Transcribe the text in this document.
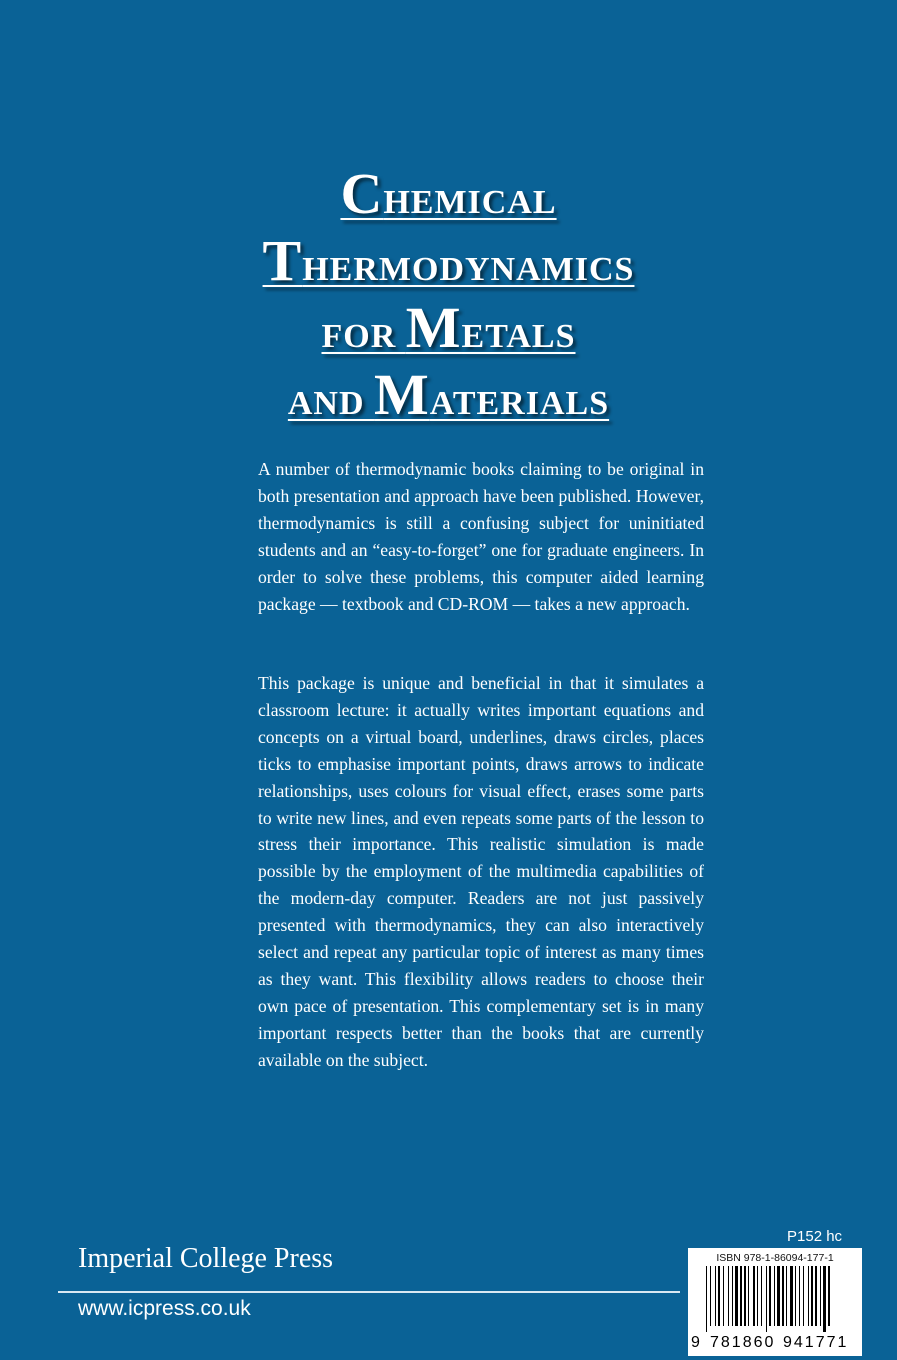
CHEMICAL
THERMODYNAMICS
FOR METALS
AND MATERIALS

A number of thermodynamic books claiming to be original in both presentation and approach have been published. However, thermodynamics is still a confusing subject for uninitiated students and an “easy-to-forget” one for graduate engineers. In order to solve these problems, this computer aided learning package — textbook and CD-ROM — takes a new approach.

This package is unique and beneficial in that it simulates a classroom lecture: it actually writes important equations and concepts on a virtual board, underlines, draws circles, places ticks to emphasise important points, draws arrows to indicate relationships, uses colours for visual effect, erases some parts to write new lines, and even repeats some parts of the lesson to stress their importance. This realistic simulation is made possible by the employment of the multimedia capabilities of the modern-day computer. Readers are not just passively presented with thermodynamics, they can also interactively select and repeat any particular topic of interest as many times as they want. This flexibility allows readers to choose their own pace of presentation. This complementary set is in many important respects better than the books that are currently available on the subject.

Imperial College Press
www.icpress.co.uk
P152 hc

ISBN 978-1-86094-177-1

9 781860 941771
